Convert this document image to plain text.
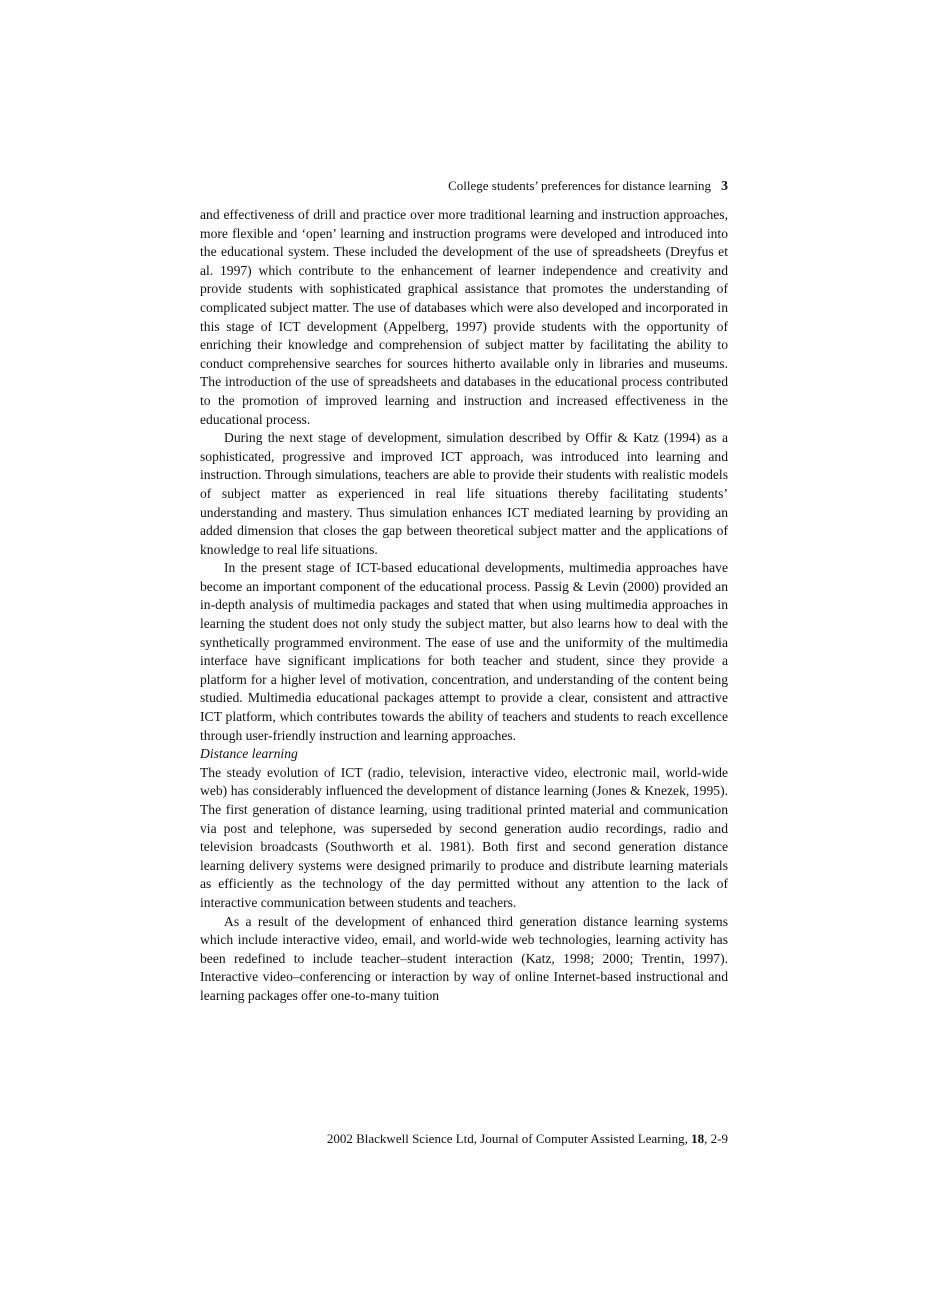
College students’ preferences for distance learning 3

and effectiveness of drill and practice over more traditional learning and instruction approaches, more flexible and ‘open’ learning and instruction programs were developed and introduced into the educational system. These included the development of the use of spreadsheets (Dreyfus et al. 1997) which contribute to the enhancement of learner independence and creativity and provide students with sophisticated graphical assistance that promotes the understanding of complicated subject matter. The use of databases which were also developed and incorporated in this stage of ICT development (Appelberg, 1997) provide students with the opportunity of enriching their knowledge and comprehension of subject matter by facilitating the ability to conduct comprehensive searches for sources hitherto available only in libraries and museums. The introduction of the use of spreadsheets and databases in the educational process contributed to the promotion of improved learning and instruction and increased effectiveness in the educational process.

During the next stage of development, simulation described by Offir & Katz (1994) as a sophisticated, progressive and improved ICT approach, was introduced into learning and instruction. Through simulations, teachers are able to provide their students with realistic models of subject matter as experienced in real life situations thereby facilitating students’ understanding and mastery. Thus simulation enhances ICT mediated learning by providing an added dimension that closes the gap between theoretical subject matter and the applications of knowledge to real life situations.

In the present stage of ICT-based educational developments, multimedia approaches have become an important component of the educational process. Passig & Levin (2000) provided an in-depth analysis of multimedia packages and stated that when using multimedia approaches in learning the student does not only study the subject matter, but also learns how to deal with the synthetically programmed environment. The ease of use and the uniformity of the multimedia interface have significant implications for both teacher and student, since they provide a platform for a higher level of motivation, concentration, and understanding of the content being studied. Multimedia educational packages attempt to provide a clear, consistent and attractive ICT platform, which contributes towards the ability of teachers and students to reach excellence through user-friendly instruction and learning approaches.

Distance learning

The steady evolution of ICT (radio, television, interactive video, electronic mail, world-wide web) has considerably influenced the development of distance learning (Jones & Knezek, 1995). The first generation of distance learning, using traditional printed material and communication via post and telephone, was superseded by second generation audio recordings, radio and television broadcasts (Southworth et al. 1981). Both first and second generation distance learning delivery systems were designed primarily to produce and distribute learning materials as efficiently as the technology of the day permitted without any attention to the lack of interactive communication between students and teachers.

As a result of the development of enhanced third generation distance learning systems which include interactive video, email, and world-wide web technologies, learning activity has been redefined to include teacher–student interaction (Katz, 1998; 2000; Trentin, 1997). Interactive video–conferencing or interaction by way of online Internet-based instructional and learning packages offer one-to-many tuition

2002 Blackwell Science Ltd, Journal of Computer Assisted Learning, 18, 2-9
